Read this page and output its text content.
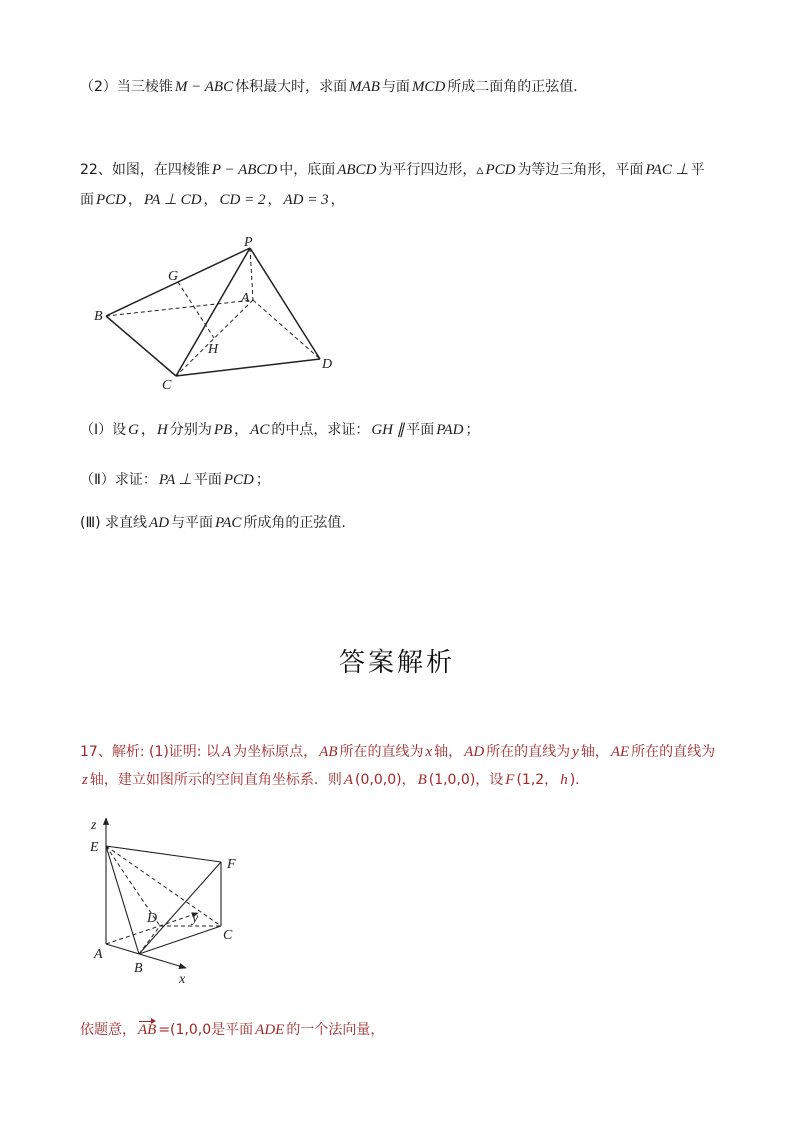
（2）当三棱锥 M − ABC 体积最大时，求面 MAB 与面 MCD 所成二面角的正弦值．
22、如图，在四棱锥 P − ABCD 中，底面 ABCD 为平行四边形，▵ PCD 为等边三角形，平面 PAC ⊥ 平
面 PCD ， PA ⊥ CD ， CD = 2 ， AD = 3 ，
P
G
A
B
H
C
D
（Ⅰ）设 G ， H 分别为 PB ， AC 的中点，求证： GH ∥ 平面 PAD ；
（Ⅱ）求证： PA ⊥ 平面 PCD ；
(Ⅲ) 求直线 AD 与平面 PAC 所成角的正弦值.
答案解析
17、解析: (1)证明: 以 A 为坐标原点， AB 所在的直线为 x 轴， AD 所在的直线为 y 轴， AE 所在的直线为
z 轴，建立如图所示的空间直角坐标系．则 A (0,0,0)， B (1,0,0)，设 F (1,2， h ).
z
E
F
D y
C
A
B
x
依题意， AB =(1,0,0是平面 ADE 的一个法向量，
